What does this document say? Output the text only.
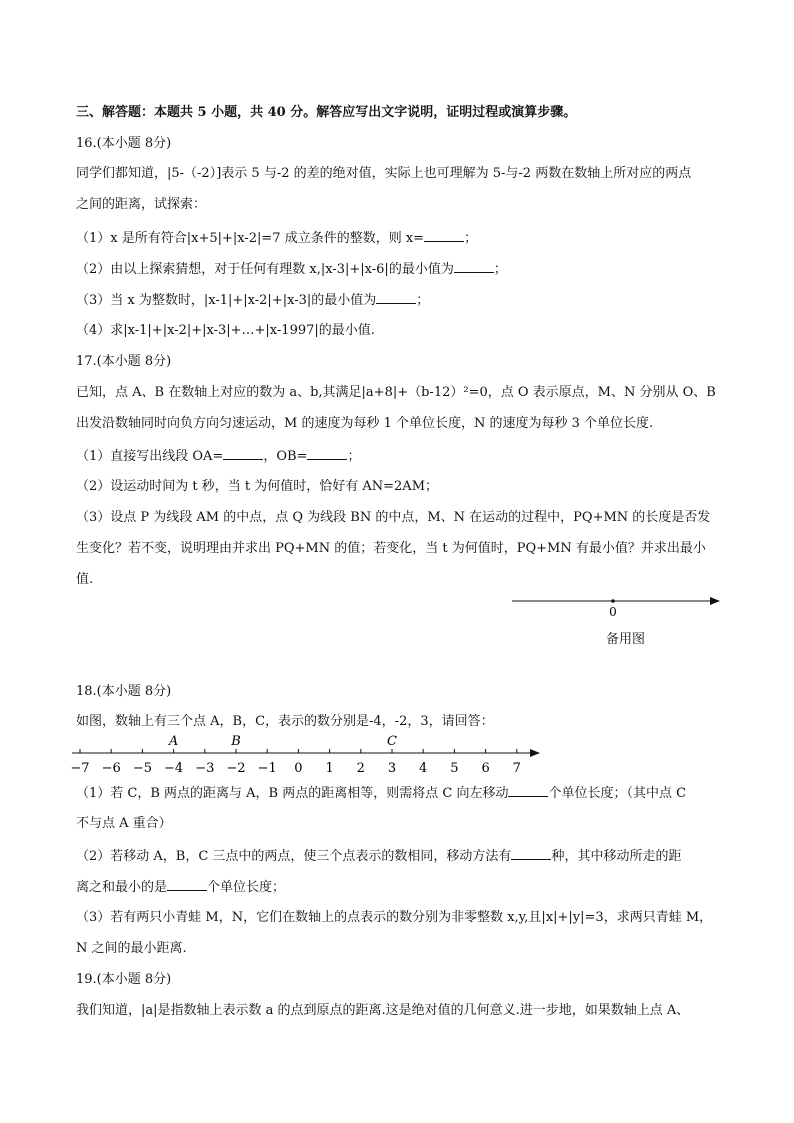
三、解答题：本题共 5 小题，共 40 分。解答应写出文字说明，证明过程或演算步骤。
16.(本小题 8分)
同学们都知道，|5-（-2）]表示 5 与-2 的差的绝对值，实际上也可理解为 5-与-2 两数在数轴上所对应的两点
之间的距离，试探索：
（1）x 是所有符合|x+5|+|x-2|=7 成立条件的整数，则 x=	；
（2）由以上探索猜想，对于任何有理数 x,|x-3|+|x-6|的最小值为	；
（3）当 x 为整数时，|x-1|+|x-2|+|x-3|的最小值为	；
（4）求|x-1|+|x-2|+|x-3|+…+|x-1997|的最小值.
17.(本小题 8分)
已知，点 A、B 在数轴上对应的数为 a、b,其满足|a+8|+（b-12）²=0，点 O 表示原点，M、N 分别从 O、B
出发沿数轴同时向负方向匀速运动，M 的速度为每秒 1 个单位长度，N 的速度为每秒 3 个单位长度.
（1）直接写出线段 OA=	，OB=	；
（2）设运动时间为 t 秒，当 t 为何值时，恰好有 AN=2AM；
（3）设点 P 为线段 AM 的中点，点 Q 为线段 BN 的中点，M、N 在运动的过程中，PQ+MN 的长度是否发
生变化？若不变，说明理由并求出 PQ+MN 的值；若变化，当 t 为何值时，PQ+MN 有最小值？并求出最小
值.
0
备用图
18.(本小题 8分)
如图，数轴上有三个点 A，B，C，表示的数分别是-4，-2，3，请回答：
−7 −6 −5 −4 −3 −2 −1 0 1 2 3 4 5 6 7
A	B	C
（1）若 C，B 两点的距离与 A，B 两点的距离相等，则需将点 C 向左移动	个单位长度；（其中点 C
不与点 A 重合）
（2）若移动 A，B，C 三点中的两点，使三个点表示的数相同，移动方法有	种，其中移动所走的距
离之和最小的是	个单位长度；
（3）若有两只小青蛙 M，N，它们在数轴上的点表示的数分别为非零整数 x,y,且|x|+|y|=3，求两只青蛙 M，
N 之间的最小距离.
19.(本小题 8分)
我们知道，|a|是指数轴上表示数 a 的点到原点的距离.这是绝对值的几何意义.进一步地，如果数轴上点 A、
